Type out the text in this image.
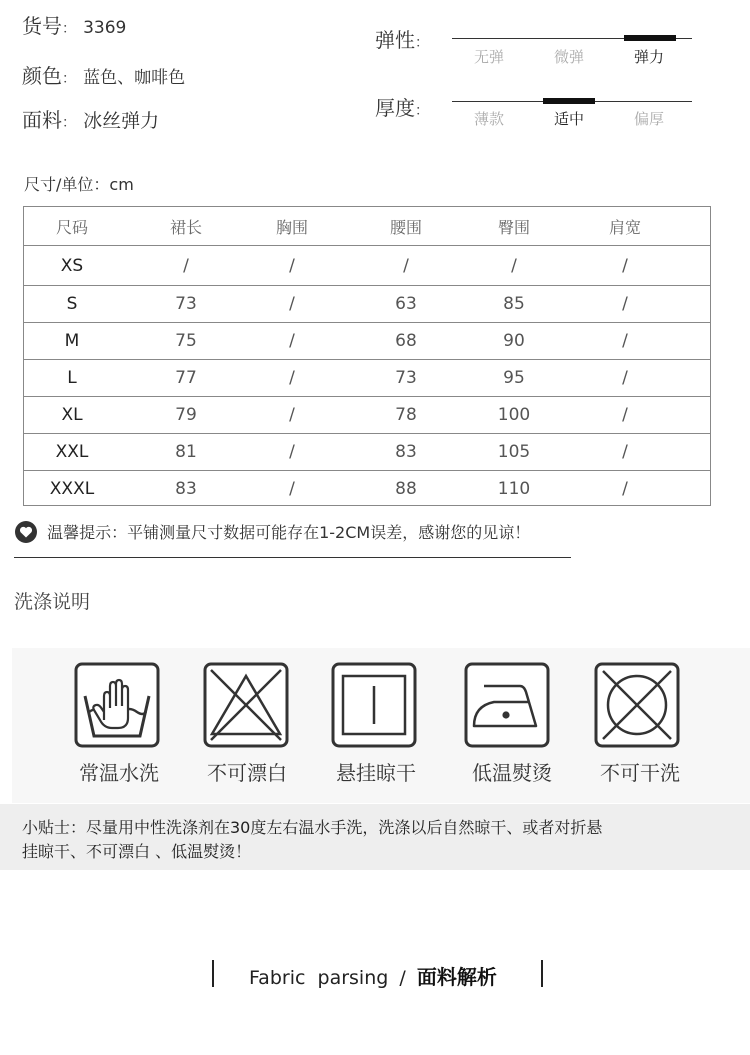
货号： 3369
颜色： 蓝色、咖啡色
面料： 冰丝弹力
弹性：
无弹	微弹	弹力
厚度：	薄款	适中	偏厚
尺寸/单位：cm
尺码	裙长	胸围	腰围	臀围	肩宽
XS	/	/	/	/	/
S	73	/	63	85	/
M	75	/	68	90	/
L	77	/	73	95	/
XL	79	/	78	100	/
XXL	81	/	83	105	/
XXXL	83	/	88	110	/
温馨提示：平铺测量尺寸数据可能存在1-2CM误差，感谢您的见谅！
洗涤说明
常温水洗	不可漂白	悬挂晾干	低温熨烫	不可干洗
小贴士：尽量用中性洗涤剂在30度左右温水手洗，洗涤以后自然晾干、或者对折悬
挂晾干、不可漂白 、低温熨烫！
Fabric  parsing / 面料解析
